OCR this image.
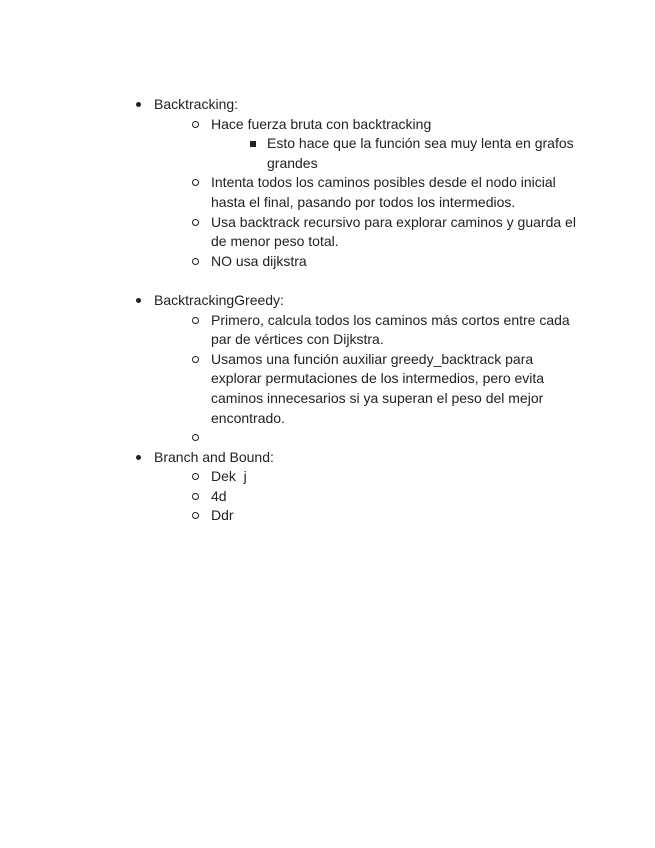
Backtracking:
Hace fuerza bruta con backtracking
Esto hace que la función sea muy lenta en grafos grandes
Intenta todos los caminos posibles desde el nodo inicial hasta el final, pasando por todos los intermedios.
Usa backtrack recursivo para explorar caminos y guarda el de menor peso total.
NO usa dijkstra
BacktrackingGreedy:
Primero, calcula todos los caminos más cortos entre cada par de vértices con Dijkstra.
Usamos una función auxiliar greedy_backtrack para explorar permutaciones de los intermedios, pero evita caminos innecesarios si ya superan el peso del mejor encontrado.
Branch and Bound:
Dek  j
4d
Ddr
